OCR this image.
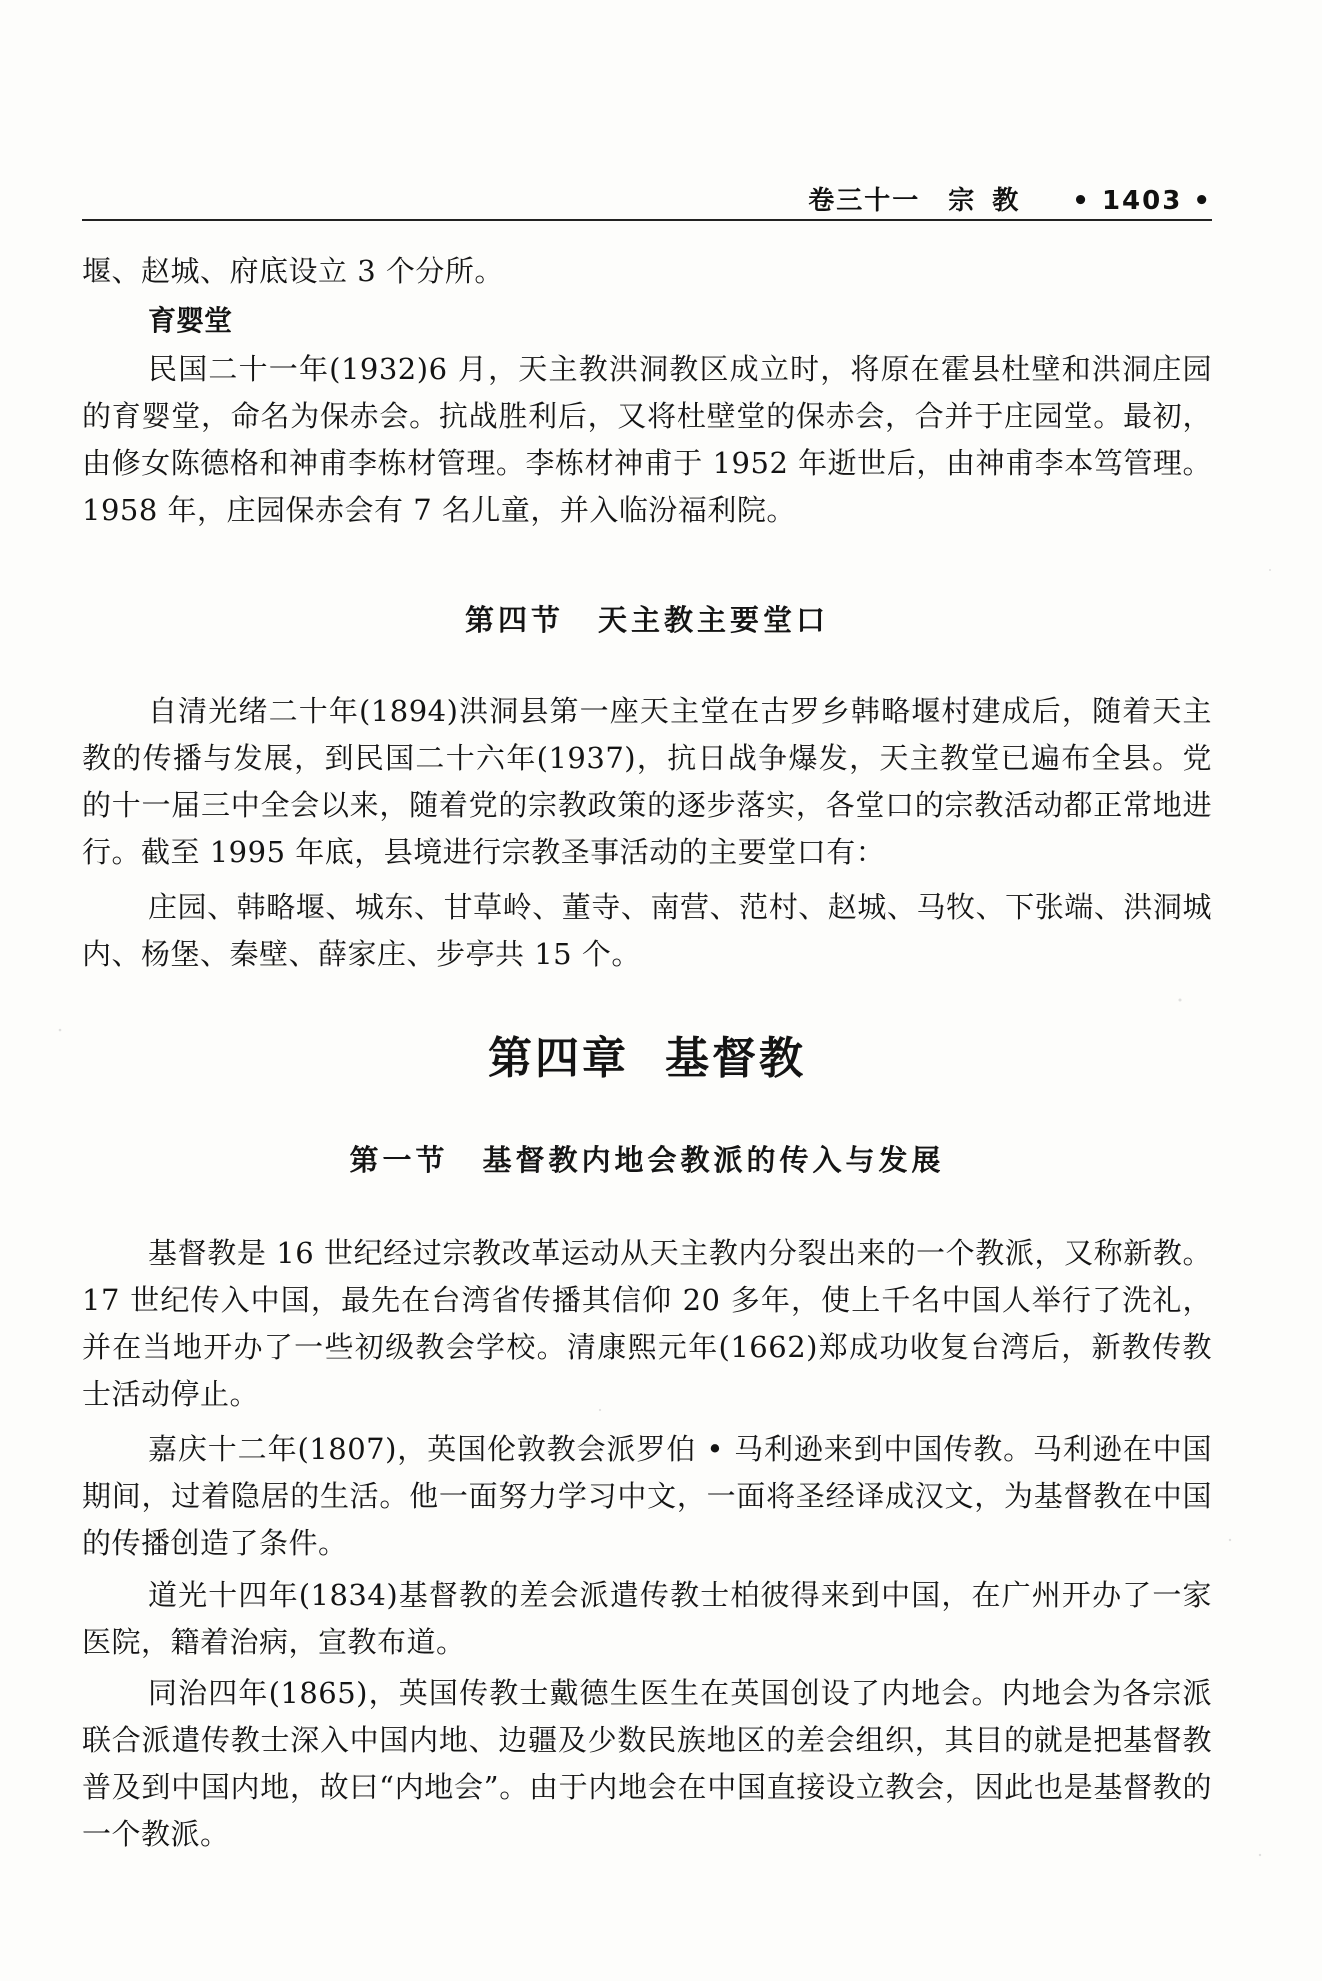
卷三十一 宗教 • 1403 •

堰、赵城、府底设立 3 个分所。

育婴堂

民国二十一年(1932)6 月，天主教洪洞教区成立时，将原在霍县杜壁和洪洞庄园的育婴堂，命名为保赤会。抗战胜利后，又将杜壁堂的保赤会，合并于庄园堂。最初，由修女陈德格和神甫李栋材管理。李栋材神甫于 1952 年逝世后，由神甫李本笃管理。1958 年，庄园保赤会有 7 名儿童，并入临汾福利院。

第四节 天主教主要堂口

自清光绪二十年(1894)洪洞县第一座天主堂在古罗乡韩略堰村建成后，随着天主教的传播与发展，到民国二十六年(1937)，抗日战争爆发，天主教堂已遍布全县。党的十一届三中全会以来，随着党的宗教政策的逐步落实，各堂口的宗教活动都正常地进行。截至 1995 年底，县境进行宗教圣事活动的主要堂口有：

庄园、韩略堰、城东、甘草岭、董寺、南营、范村、赵城、马牧、下张端、洪洞城内、杨堡、秦壁、薛家庄、步亭共 15 个。

第四章 基督教
第一节 基督教内地会教派的传入与发展

基督教是 16 世纪经过宗教改革运动从天主教内分裂出来的一个教派，又称新教。17 世纪传入中国，最先在台湾省传播其信仰 20 多年，使上千名中国人举行了洗礼，并在当地开办了一些初级教会学校。清康熙元年(1662)郑成功收复台湾后，新教传教士活动停止。

嘉庆十二年(1807)，英国伦敦教会派罗伯 • 马利逊来到中国传教。马利逊在中国期间，过着隐居的生活。他一面努力学习中文，一面将圣经译成汉文，为基督教在中国的传播创造了条件。

道光十四年(1834)基督教的差会派遣传教士柏彼得来到中国，在广州开办了一家医院，籍着治病，宣教布道。

同治四年(1865)，英国传教士戴德生医生在英国创设了内地会。内地会为各宗派联合派遣传教士深入中国内地、边疆及少数民族地区的差会组织，其目的就是把基督教普及到中国内地，故曰“内地会”。由于内地会在中国直接设立教会，因此也是基督教的一个教派。
